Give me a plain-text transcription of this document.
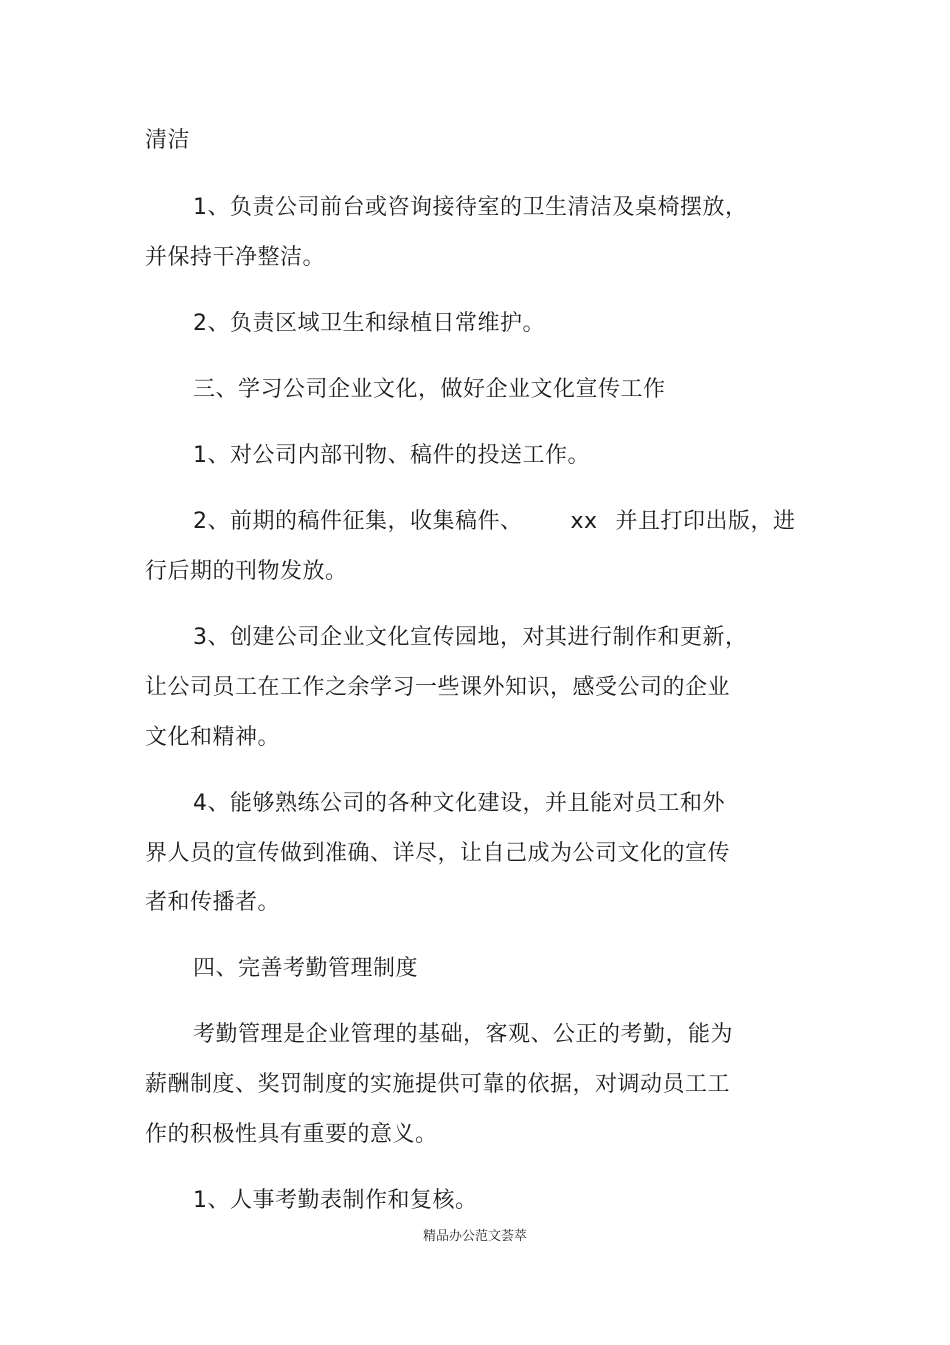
清洁
1、负责公司前台或咨询接待室的卫生清洁及桌椅摆放，
并保持干净整洁。
2、负责区域卫生和绿植日常维护。
三、学习公司企业文化，做好企业文化宣传工作
1、对公司内部刊物、稿件的投送工作。
2、前期的稿件征集，收集稿件、 xx 并且打印出版，进
行后期的刊物发放。
3、创建公司企业文化宣传园地，对其进行制作和更新，
让公司员工在工作之余学习一些课外知识，感受公司的企业
文化和精神。
4、能够熟练公司的各种文化建设，并且能对员工和外
界人员的宣传做到准确、详尽，让自己成为公司文化的宣传
者和传播者。
四、完善考勤管理制度
考勤管理是企业管理的基础，客观、公正的考勤，能为
薪酬制度、奖罚制度的实施提供可靠的依据，对调动员工工
作的积极性具有重要的意义。
1、人事考勤表制作和复核。
精品办公范文荟萃
